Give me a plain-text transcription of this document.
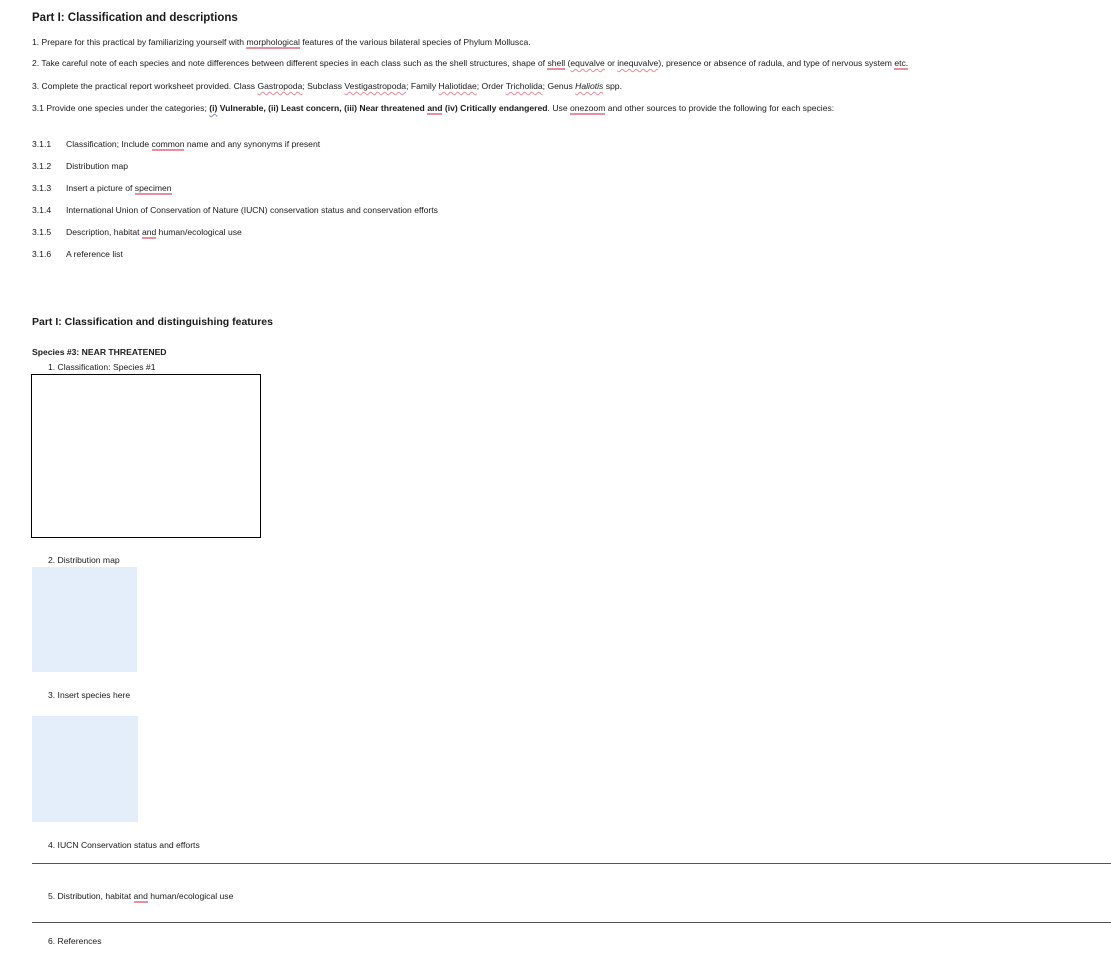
Part I: Classification and descriptions
1. Prepare for this practical by familiarizing yourself with morphological features of the various bilateral species of Phylum Mollusca.
2. Take careful note of each species and note differences between different species in each class such as the shell structures, shape of shell (equvalve or inequvalve), presence or absence of radula, and type of nervous system etc.
3. Complete the practical report worksheet provided. Class Gastropoda; Subclass Vestigastropoda; Family Haliotidae; Order Tricholida; Genus Haliotis spp.
3.1 Provide one species under the categories; (i) Vulnerable, (ii) Least concern, (iii) Near threatened and (iv) Critically endangered. Use onezoom and other sources to provide the following for each species:
3.1.1 Classification; Include common name and any synonyms if present
3.1.2 Distribution map
3.1.3 Insert a picture of specimen
3.1.4 International Union of Conservation of Nature (IUCN) conservation status and conservation efforts
3.1.5 Description, habitat and human/ecological use
3.1.6 A reference list
Part I: Classification and distinguishing features
Species #3: NEAR THREATENED
1. Classification: Species #1
2. Distribution map
3. Insert species here
4. IUCN Conservation status and efforts
5. Distribution, habitat and human/ecological use
6. References
